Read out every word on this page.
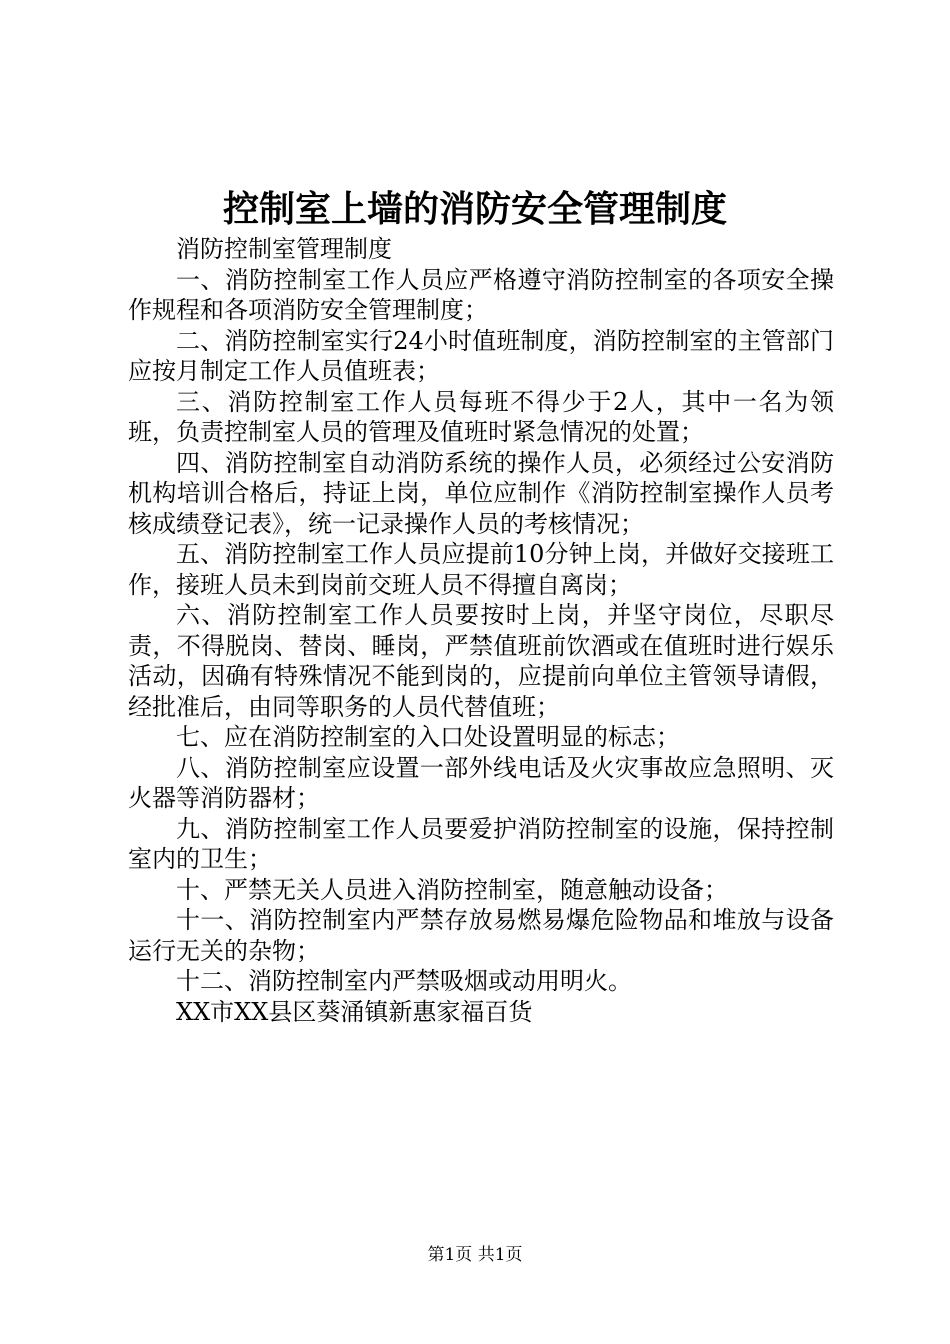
控制室上墙的消防安全管理制度

消防控制室管理制度

一、消防控制室工作人员应严格遵守消防控制室的各项安全操作规程和各项消防安全管理制度；

二、消防控制室实行24小时值班制度，消防控制室的主管部门应按月制定工作人员值班表；

三、消防控制室工作人员每班不得少于2人，其中一名为领班，负责控制室人员的管理及值班时紧急情况的处置；

四、消防控制室自动消防系统的操作人员，必须经过公安消防机构培训合格后，持证上岗，单位应制作《消防控制室操作人员考核成绩登记表》，统一记录操作人员的考核情况；

五、消防控制室工作人员应提前10分钟上岗，并做好交接班工作，接班人员未到岗前交班人员不得擅自离岗；

六、消防控制室工作人员要按时上岗，并坚守岗位，尽职尽责，不得脱岗、替岗、睡岗，严禁值班前饮酒或在值班时进行娱乐活动，因确有特殊情况不能到岗的，应提前向单位主管领导请假，经批准后，由同等职务的人员代替值班；

七、应在消防控制室的入口处设置明显的标志；

八、消防控制室应设置一部外线电话及火灾事故应急照明、灭火器等消防器材；

九、消防控制室工作人员要爱护消防控制室的设施，保持控制室内的卫生；

十、严禁无关人员进入消防控制室，随意触动设备；

十一、消防控制室内严禁存放易燃易爆危险物品和堆放与设备运行无关的杂物；

十二、消防控制室内严禁吸烟或动用明火。

XX市XX县区葵涌镇新惠家福百货

第1页 共1页
